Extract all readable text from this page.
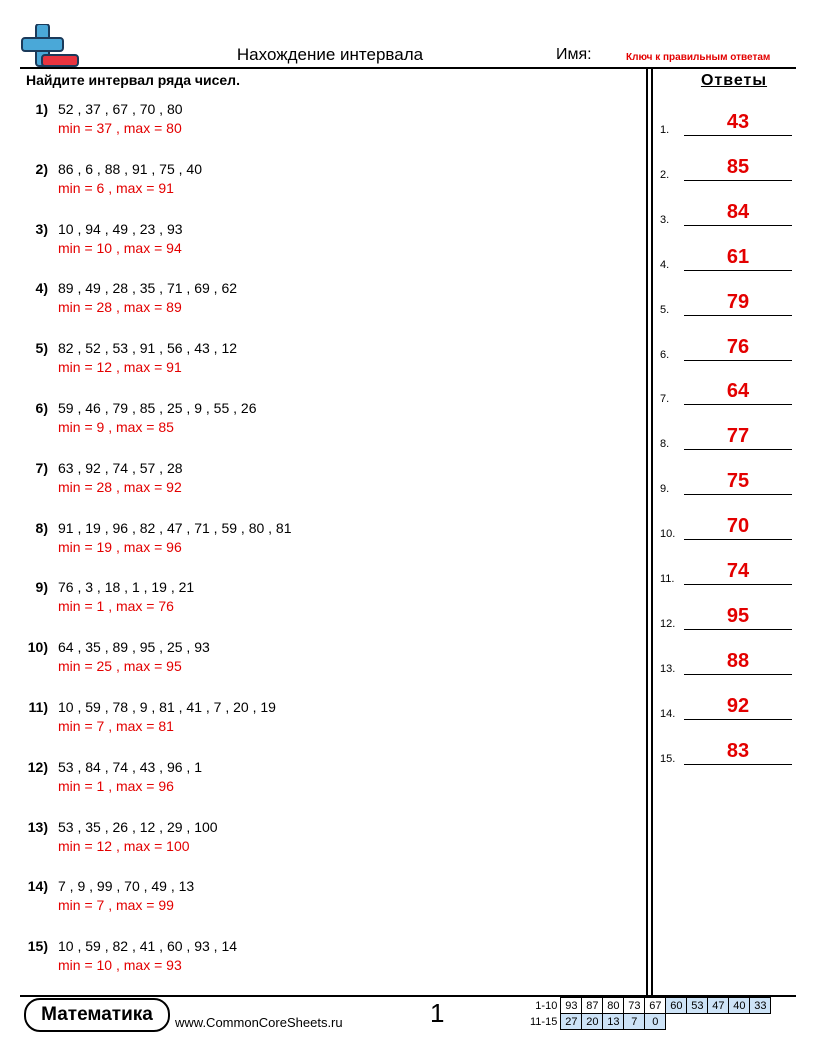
Нахождение интервала	Имя:	Ключ к правильным ответам
Найдите интервал ряда чисел.	Ответы
1) 52 , 37 , 67 , 70 , 80
min = 37 , max = 80
2) 86 , 6 , 88 , 91 , 75 , 40
min = 6 , max = 91
3) 10 , 94 , 49 , 23 , 93
min = 10 , max = 94
4) 89 , 49 , 28 , 35 , 71 , 69 , 62
min = 28 , max = 89
5) 82 , 52 , 53 , 91 , 56 , 43 , 12
min = 12 , max = 91
6) 59 , 46 , 79 , 85 , 25 , 9 , 55 , 26
min = 9 , max = 85
7) 63 , 92 , 74 , 57 , 28
min = 28 , max = 92
8) 91 , 19 , 96 , 82 , 47 , 71 , 59 , 80 , 81
min = 19 , max = 96
9) 76 , 3 , 18 , 1 , 19 , 21
min = 1 , max = 76
10) 64 , 35 , 89 , 95 , 25 , 93
min = 25 , max = 95
11) 10 , 59 , 78 , 9 , 81 , 41 , 7 , 20 , 19
min = 7 , max = 81
12) 53 , 84 , 74 , 43 , 96 , 1
min = 1 , max = 96
13) 53 , 35 , 26 , 12 , 29 , 100
min = 12 , max = 100
14) 7 , 9 , 99 , 70 , 49 , 13
min = 7 , max = 99
15) 10 , 59 , 82 , 41 , 60 , 93 , 14
min = 10 , max = 93
1.	43
2.	85
3.	84
4.	61
5.	79
6.	76
7.	64
8.	77
9.	75
10.	70
11.	74
12.	95
13.	88
14.	92
15.	83
Математика	www.CommonCoreSheets.ru	1	1-10	93	87	80	73	67	60	53	47	40	33
11-15	27	20	13	7	0					
